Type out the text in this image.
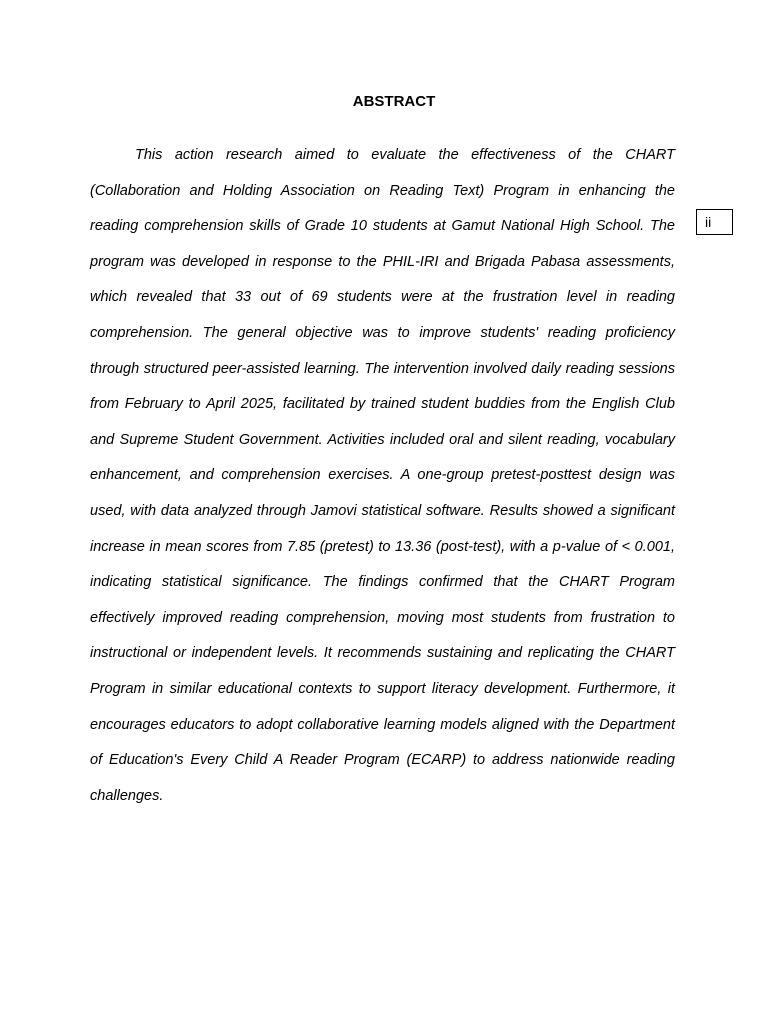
ABSTRACT
ii

This action research aimed to evaluate the effectiveness of the CHART (Collaboration and Holding Association on Reading Text) Program in enhancing the reading comprehension skills of Grade 10 students at Gamut National High School. The program was developed in response to the PHIL-IRI and Brigada Pabasa assessments, which revealed that 33 out of 69 students were at the frustration level in reading comprehension. The general objective was to improve students' reading proficiency through structured peer-assisted learning. The intervention involved daily reading sessions from February to April 2025, facilitated by trained student buddies from the English Club and Supreme Student Government. Activities included oral and silent reading, vocabulary enhancement, and comprehension exercises. A one-group pretest-posttest design was used, with data analyzed through Jamovi statistical software. Results showed a significant increase in mean scores from 7.85 (pretest) to 13.36 (post-test), with a p-value of < 0.001, indicating statistical significance. The findings confirmed that the CHART Program effectively improved reading comprehension, moving most students from frustration to instructional or independent levels. It recommends sustaining and replicating the CHART Program in similar educational contexts to support literacy development. Furthermore, it encourages educators to adopt collaborative learning models aligned with the Department of Education's Every Child A Reader Program (ECARP) to address nationwide reading challenges.
